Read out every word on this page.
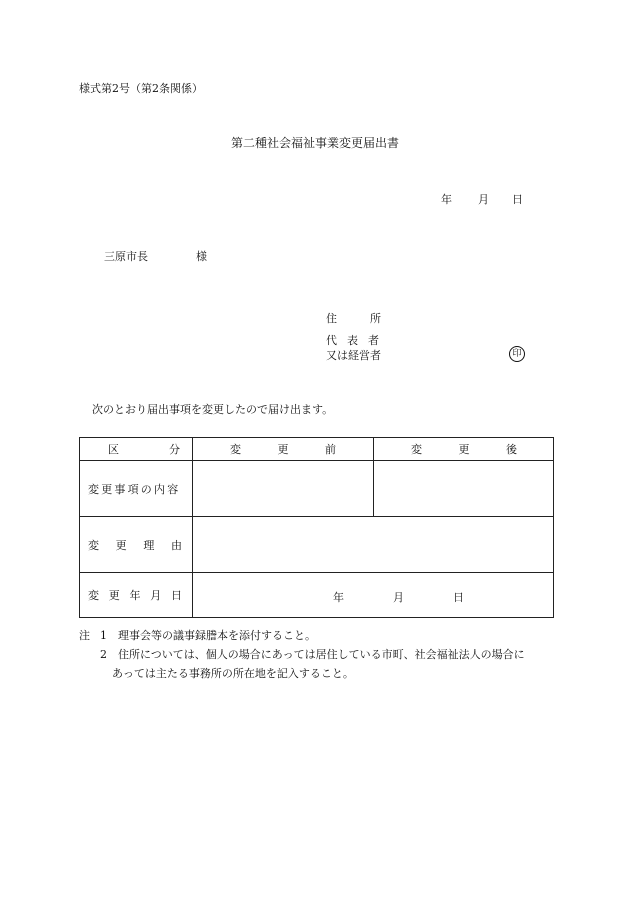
様式第2号（第2条関係）
第二種社会福祉事業変更届出書
年 月 日
三原市長	様
住	所
代表者
又は経営者	印
次のとおり届出事項を変更したので届け出ます。
区 分	変 更 前	変 更 後

変更事項の内容		

変 更 理 由		

変 更 年 月 日	年 月 日	
注 1　理事会等の議事録謄本を添付すること。
2　住所については、個人の場合にあっては居住している市町、社会福祉法人の場合に
あっては主たる事務所の所在地を記入すること。
